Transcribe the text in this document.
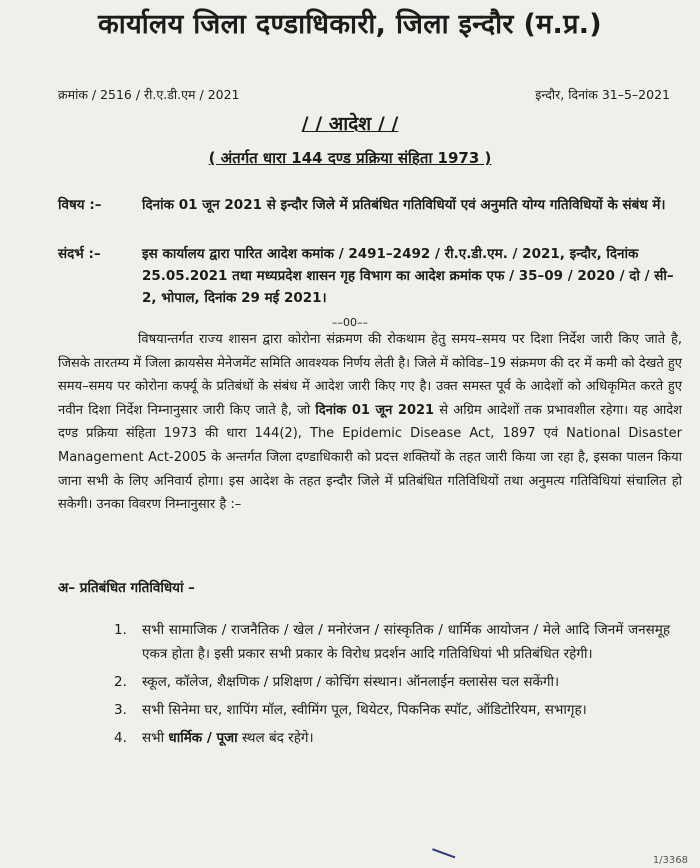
कार्यालय जिला दण्डाधिकारी, जिला इन्दौर (म.प्र.)
क्रमांक / 2516 / री.ए.डी.एम / 2021	इन्दौर, दिनांक 31–5–2021
/ / आदेश / /
( अंतर्गत धारा 144 दण्ड प्रक्रिया संहिता 1973 )
विषय :–	दिनांक 01 जून 2021 से इन्दौर जिले में प्रतिबंधित गतिविधियों एवं अनुमति योग्य गतिविधियों के संबंध में।
संदर्भ :–	इस कार्यालय द्वारा पारित आदेश कमांक / 2491–2492 / री.ए.डी.एम. / 2021, इन्दौर, दिनांक 25.05.2021 तथा मध्यप्रदेश शासन गृह विभाग का आदेश क्रमांक एफ / 35–09 / 2020 / दो / सी–2, भोपाल, दिनांक 29 मई 2021।
––00––

विषयान्तर्गत राज्य शासन द्वारा कोरोना संक्रमण की रोकथाम हेतु समय–समय पर दिशा निर्देश जारी किए जाते है, जिसके तारतम्य में जिला क्रायसेस मेनेजमेंट समिति आवश्यक निर्णय लेती है। जिले में कोविड–19 संक्रमण की दर में कमी को देखते हुए समय–समय पर कोरोना कर्फ्यू के प्रतिबंधों के संबंध में आदेश जारी किए गए है। उक्त समस्त पूर्व के आदेशों को अधिकृमित करते हुए नवीन दिशा निर्देश निम्नानुसार जारी किए जाते है, जो दिनांक 01 जून 2021 से अग्रिम आदेशों तक प्रभावशील रहेगा। यह आदेश दण्ड प्रक्रिया संहिता 1973 की धारा 144(2), The Epidemic Disease Act, 1897 एवं National Disaster Management Act-2005 के अन्तर्गत जिला दण्डाधिकारी को प्रदत्त शक्तियों के तहत जारी किया जा रहा है, इसका पालन किया जाना सभी के लिए अनिवार्य होगा। इस आदेश के तहत इन्दौर जिले में प्रतिबंधित गतिविधियों तथा अनुमत्य गतिविधियां संचालित हो सकेगी। उनका विवरण निम्नानुसार है :–

अ– प्रतिबंधित गतिविधियां –
1.	सभी सामाजिक / राजनैतिक / खेल / मनोरंजन / सांस्कृतिक / धार्मिक आयोजन / मेले आदि जिनमें जनसमूह एकत्र होता है। इसी प्रकार सभी प्रकार के विरोध प्रदर्शन आदि गतिविधियां भी प्रतिबंधित रहेगी।
2.	स्कूल, कॉलेज, शैक्षणिक / प्रशिक्षण / कोचिंग संस्थान। ऑनलाईन क्लासेस चल सकेंगी।
3.	सभी सिनेमा घर, शापिंग मॉल, स्वीमिंग पूल, थियेटर, पिकनिक स्पॉट, ऑडिटोरियम, सभागृह।
4.	सभी धार्मिक / पूजा स्थल बंद रहेगे।
1/3368
